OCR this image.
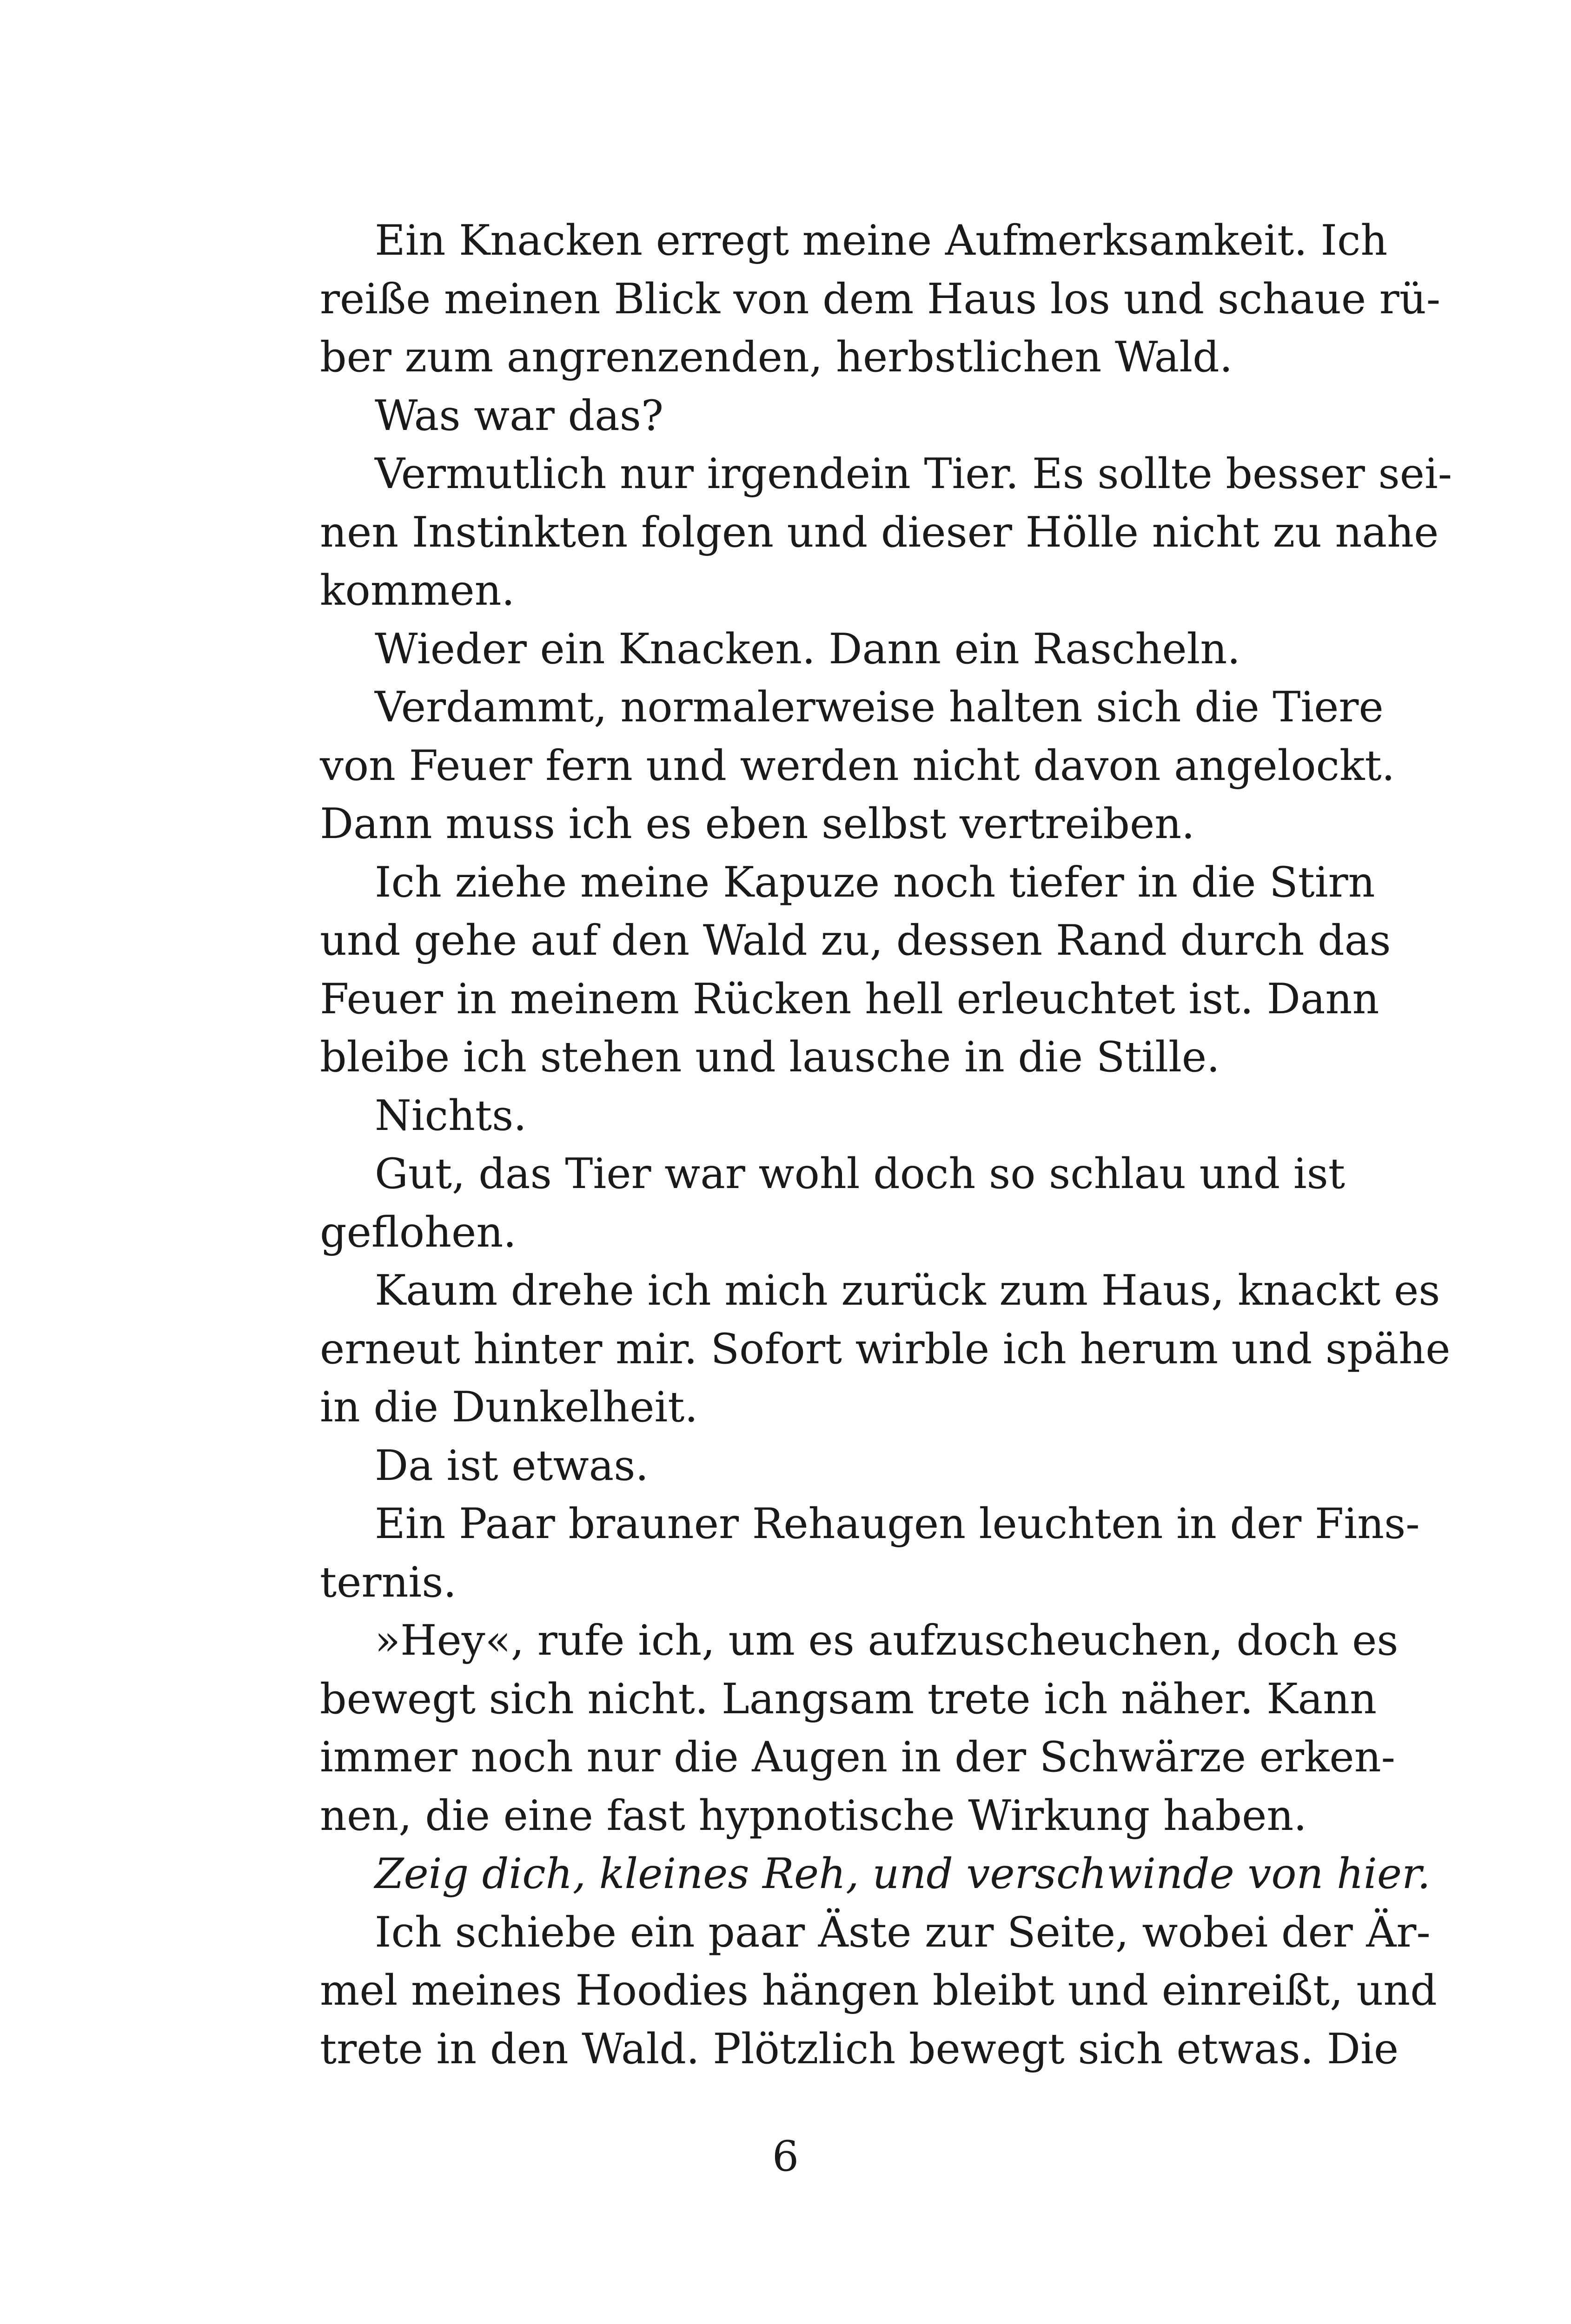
Ein Knacken erregt meine Aufmerksamkeit. Ich
reiße meinen Blick von dem Haus los und schaue rü-
ber zum angrenzenden, herbstlichen Wald.
Was war das?
Vermutlich nur irgendein Tier. Es sollte besser sei-
nen Instinkten folgen und dieser Hölle nicht zu nahe
kommen.
Wieder ein Knacken. Dann ein Rascheln.
Verdammt, normalerweise halten sich die Tiere
von Feuer fern und werden nicht davon angelockt.
Dann muss ich es eben selbst vertreiben.
Ich ziehe meine Kapuze noch tiefer in die Stirn
und gehe auf den Wald zu, dessen Rand durch das
Feuer in meinem Rücken hell erleuchtet ist. Dann
bleibe ich stehen und lausche in die Stille.
Nichts.
Gut, das Tier war wohl doch so schlau und ist
geflohen.
Kaum drehe ich mich zurück zum Haus, knackt es
erneut hinter mir. Sofort wirble ich herum und spähe
in die Dunkelheit.
Da ist etwas.
Ein Paar brauner Rehaugen leuchten in der Fins-
ternis.
»Hey«, rufe ich, um es aufzuscheuchen, doch es
bewegt sich nicht. Langsam trete ich näher. Kann
immer noch nur die Augen in der Schwärze erken-
nen, die eine fast hypnotische Wirkung haben.
Zeig dich, kleines Reh, und verschwinde von hier.
Ich schiebe ein paar Äste zur Seite, wobei der Är-
mel meines Hoodies hängen bleibt und einreißt, und
trete in den Wald. Plötzlich bewegt sich etwas. Die
6
